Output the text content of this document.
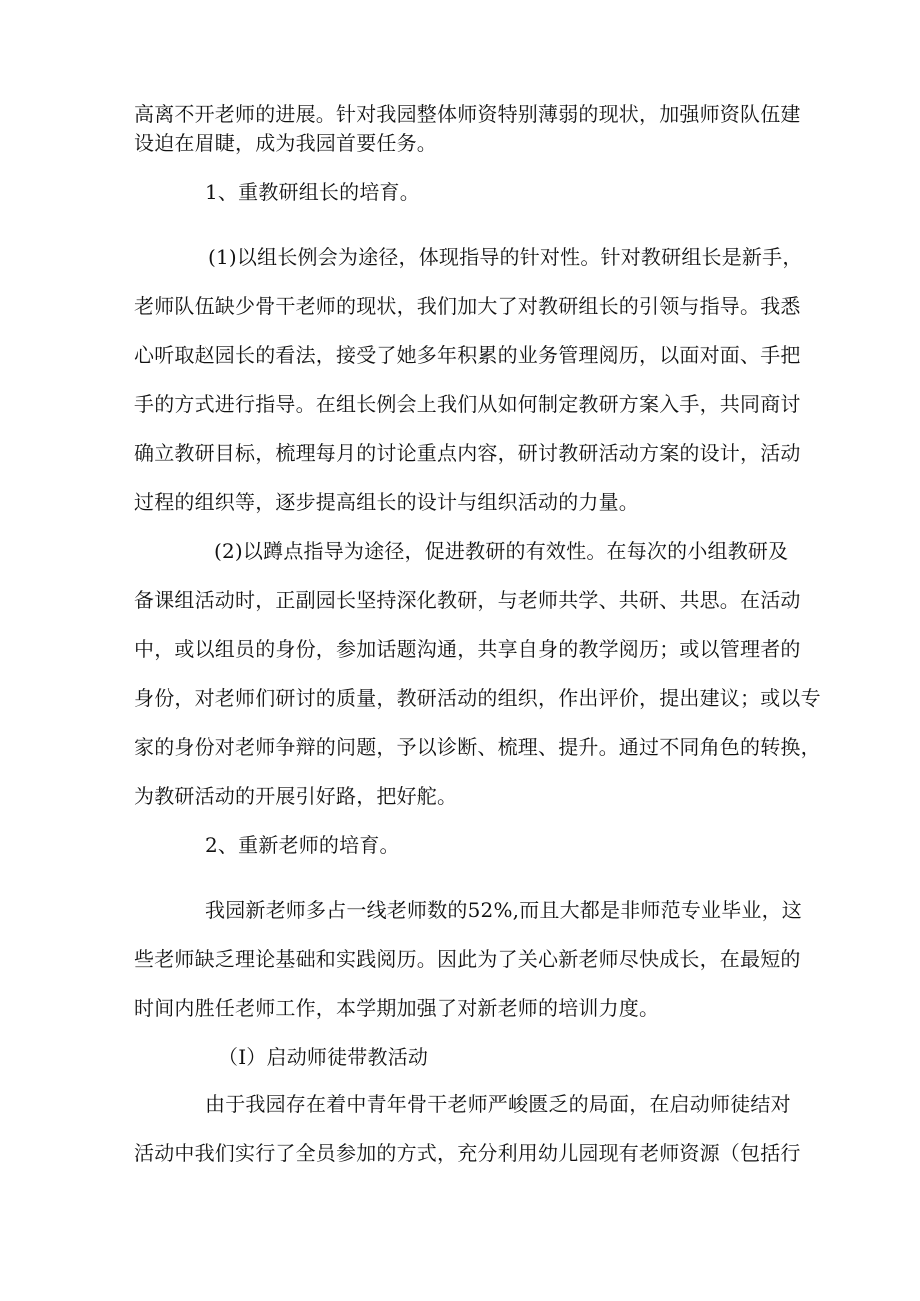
高离不开老师的进展。针对我园整体师资特别薄弱的现状，加强师资队伍建
设迫在眉睫，成为我园首要任务。
1、重教研组长的培育。
(1)以组长例会为途径，体现指导的针对性。针对教研组长是新手，
老师队伍缺少骨干老师的现状，我们加大了对教研组长的引领与指导。我悉
心听取赵园长的看法，接受了她多年积累的业务管理阅历，以面对面、手把
手的方式进行指导。在组长例会上我们从如何制定教研方案入手，共同商讨
确立教研目标，梳理每月的讨论重点内容，研讨教研活动方案的设计，活动
过程的组织等，逐步提高组长的设计与组织活动的力量。
(2)以蹲点指导为途径，促进教研的有效性。在每次的小组教研及
备课组活动时，正副园长坚持深化教研，与老师共学、共研、共思。在活动
中，或以组员的身份，参加话题沟通，共享自身的教学阅历；或以管理者的
身份，对老师们研讨的质量，教研活动的组织，作出评价，提出建议；或以专
家的身份对老师争辩的问题，予以诊断、梳理、提升。通过不同角色的转换，
为教研活动的开展引好路，把好舵。
2、重新老师的培育。
我园新老师多占一线老师数的52%,而且大都是非师范专业毕业，这
些老师缺乏理论基础和实践阅历。因此为了关心新老师尽快成长，在最短的
时间内胜任老师工作，本学期加强了对新老师的培训力度。
（I）启动师徒带教活动
由于我园存在着中青年骨干老师严峻匮乏的局面，在启动师徒结对
活动中我们实行了全员参加的方式，充分利用幼儿园现有老师资源（包括行
